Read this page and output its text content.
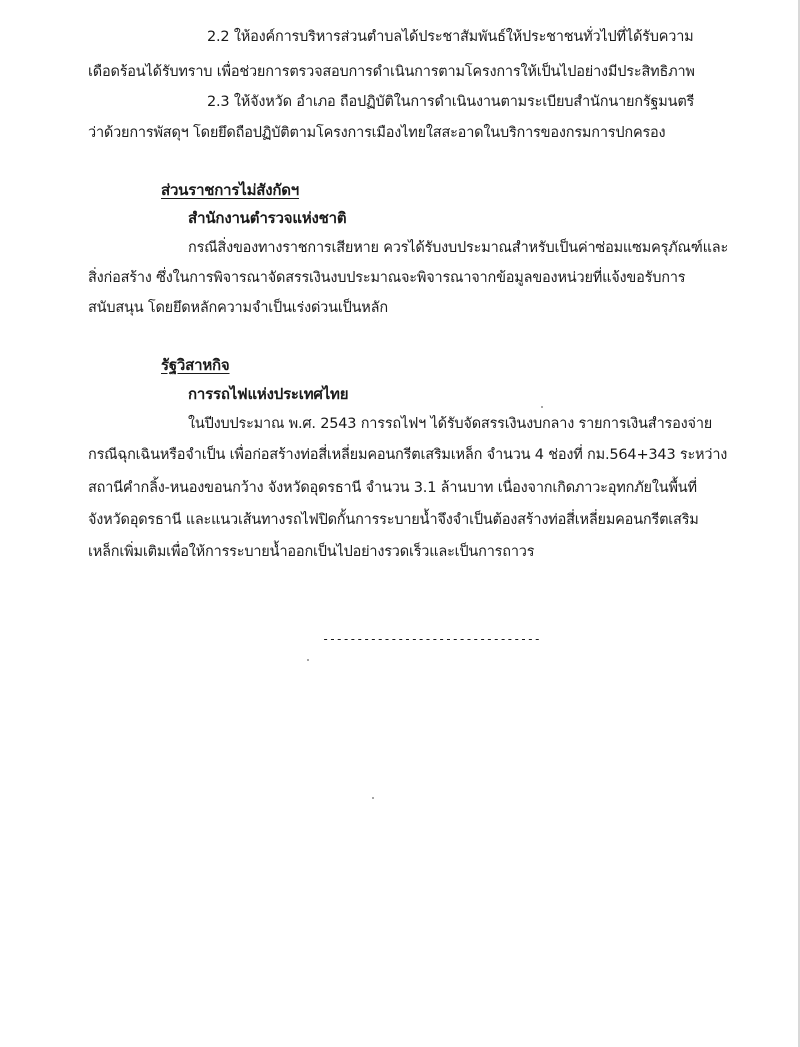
2.2 ให้องค์การบริหารส่วนตำบลได้ประชาสัมพันธ์ให้ประชาชนทั่วไปที่ได้รับความ
เดือดร้อนได้รับทราบ เพื่อช่วยการตรวจสอบการดำเนินการตามโครงการให้เป็นไปอย่างมีประสิทธิภาพ
2.3 ให้จังหวัด อำเภอ ถือปฏิบัติในการดำเนินงานตามระเบียบสำนักนายกรัฐมนตรี
ว่าด้วยการพัสดุฯ โดยยึดถือปฏิบัติตามโครงการเมืองไทยใสสะอาดในบริการของกรมการปกครอง
ส่วนราชการไม่สังกัดฯ
สำนักงานตำรวจแห่งชาติ
กรณีสิ่งของทางราชการเสียหาย ควรได้รับงบประมาณสำหรับเป็นค่าซ่อมแซมครุภัณฑ์และ
สิ่งก่อสร้าง ซึ่งในการพิจารณาจัดสรรเงินงบประมาณจะพิจารณาจากข้อมูลของหน่วยที่แจ้งขอรับการ
สนับสนุน โดยยึดหลักความจำเป็นเร่งด่วนเป็นหลัก
รัฐวิสาหกิจ
การรถไฟแห่งประเทศไทย
ในปีงบประมาณ พ.ศ. 2543 การรถไฟฯ ได้รับจัดสรรเงินงบกลาง รายการเงินสำรองจ่าย
กรณีฉุกเฉินหรือจำเป็น เพื่อก่อสร้างท่อสี่เหลี่ยมคอนกรีตเสริมเหล็ก จำนวน 4 ช่องที่ กม.564+343 ระหว่าง
สถานีคำกลิ้ง-หนองขอนกว้าง จังหวัดอุดรธานี จำนวน 3.1 ล้านบาท เนื่องจากเกิดภาวะอุทกภัยในพื้นที่
จังหวัดอุดรธานี และแนวเส้นทางรถไฟปิดกั้นการระบายน้ำจึงจำเป็นต้องสร้างท่อสี่เหลี่ยมคอนกรีตเสริม
เหล็กเพิ่มเติมเพื่อให้การระบายน้ำออกเป็นไปอย่างรวดเร็วและเป็นการถาวร
--------------------------------
